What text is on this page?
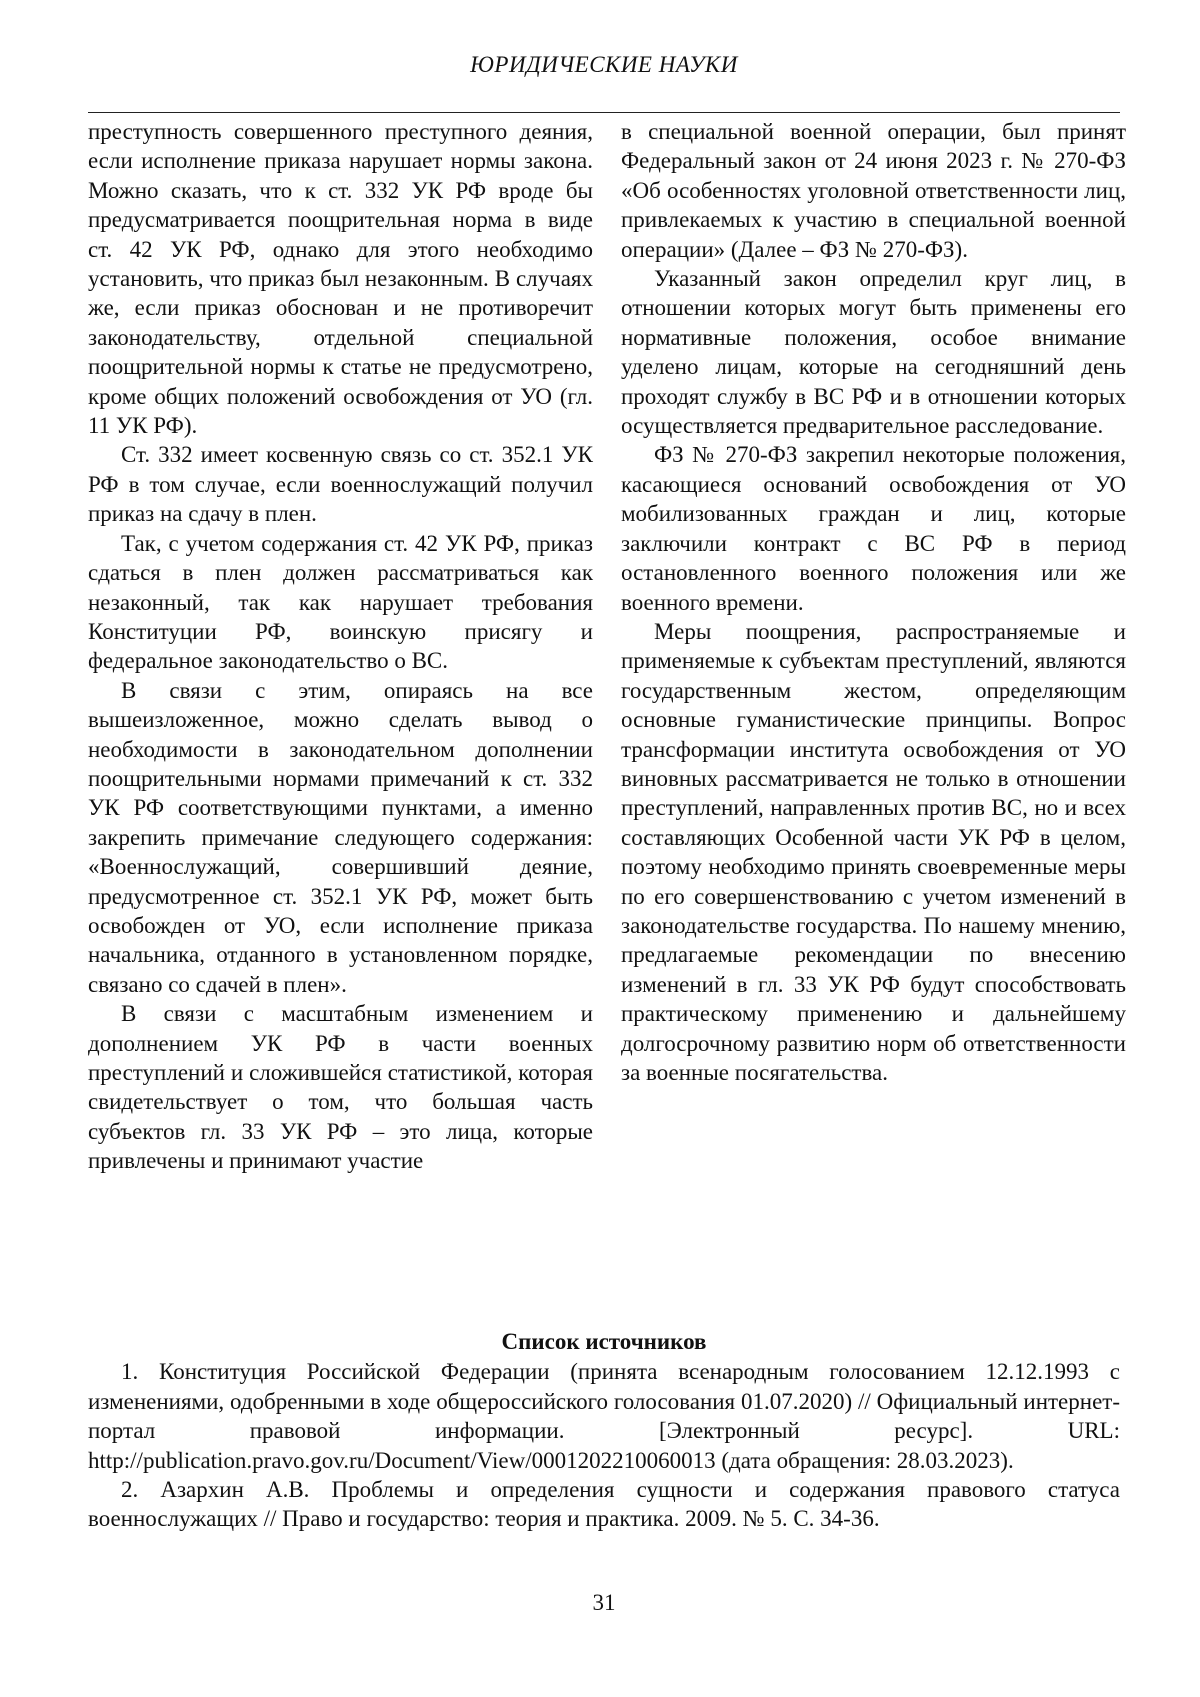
ЮРИДИЧЕСКИЕ НАУКИ

преступность совершенного преступного деяния, если исполнение приказа нарушает нормы закона. Можно сказать, что к ст. 332 УК РФ вроде бы предусматривается поощрительная норма в виде ст. 42 УК РФ, однако для этого необходимо установить, что приказ был незаконным. В случаях же, если приказ обоснован и не противоречит законодательству, отдельной специальной поощрительной нормы к статье не предусмотрено, кроме общих положений освобождения от УО (гл. 11 УК РФ).

Ст. 332 имеет косвенную связь со ст. 352.1 УК РФ в том случае, если военнослужащий получил приказ на сдачу в плен.

Так, с учетом содержания ст. 42 УК РФ, приказ сдаться в плен должен рассматриваться как незаконный, так как нарушает требования Конституции РФ, воинскую присягу и федеральное законодательство о ВС.

В связи с этим, опираясь на все вышеизложенное, можно сделать вывод о необходимости в законодательном дополнении поощрительными нормами примечаний к ст. 332 УК РФ соответствующими пунктами, а именно закрепить примечание следующего содержания: «Военнослужащий, совершивший деяние, предусмотренное ст. 352.1 УК РФ, может быть освобожден от УО, если исполнение приказа начальника, отданного в установленном порядке, связано со сдачей в плен».

В связи с масштабным изменением и дополнением УК РФ в части военных преступлений и сложившейся статистикой, которая свидетельствует о том, что большая часть субъектов гл. 33 УК РФ – это лица, которые привлечены и принимают участие

в специальной военной операции, был принят Федеральный закон от 24 июня 2023 г. № 270-ФЗ «Об особенностях уголовной ответственности лиц, привлекаемых к участию в специальной военной операции» (Далее – ФЗ № 270-ФЗ).

Указанный закон определил круг лиц, в отношении которых могут быть применены его нормативные положения, особое внимание уделено лицам, которые на сегодняшний день проходят службу в ВС РФ и в отношении которых осуществляется предварительное расследование.

ФЗ № 270-ФЗ закрепил некоторые положения, касающиеся оснований освобождения от УО мобилизованных граждан и лиц, которые заключили контракт с ВС РФ в период остановленного военного положения или же военного времени.

Меры поощрения, распространяемые и применяемые к субъектам преступлений, являются государственным жестом, определяющим основные гуманистические принципы. Вопрос трансформации института освобождения от УО виновных рассматривается не только в отношении преступлений, направленных против ВС, но и всех составляющих Особенной части УК РФ в целом, поэтому необходимо принять своевременные меры по его совершенствованию с учетом изменений в законодательстве государства. По нашему мнению, предлагаемые рекомендации по внесению изменений в гл. 33 УК РФ будут способствовать практическому применению и дальнейшему долгосрочному развитию норм об ответственности за военные посягательства.

Список источников

1. Конституция Российской Федерации (принята всенародным голосованием 12.12.1993 с изменениями, одобренными в ходе общероссийского голосования 01.07.2020) // Официальный интернет-портал правовой информации. [Электронный ресурс]. URL: http://publication.pravo.gov.ru/Document/View/0001202210060013 (дата обращения: 28.03.2023).

2. Азархин А.В. Проблемы и определения сущности и содержания правового статуса военнослужащих // Право и государство: теория и практика. 2009. № 5. С. 34-36.

31
